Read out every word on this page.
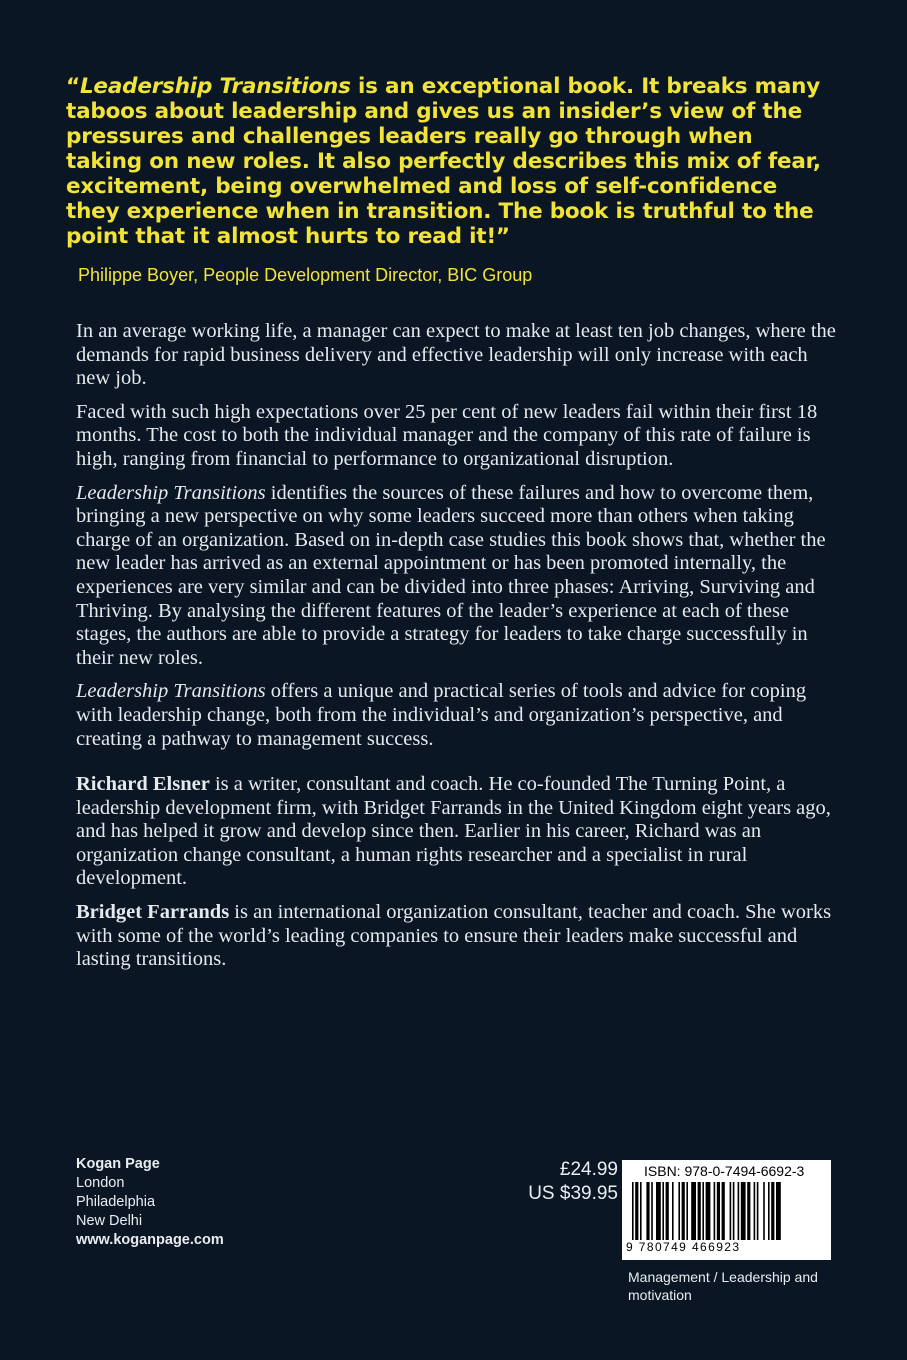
“Leadership Transitions is an exceptional book. It breaks many taboos about leadership and gives us an insider’s view of the pressures and challenges leaders really go through when taking on new roles. It also perfectly describes this mix of fear, excitement, being overwhelmed and loss of self-confidence they experience when in transition. The book is truthful to the point that it almost hurts to read it!”
Philippe Boyer, People Development Director, BIC Group

In an average working life, a manager can expect to make at least ten job changes, where the demands for rapid business delivery and effective leadership will only increase with each new job.

Faced with such high expectations over 25 per cent of new leaders fail within their first 18 months. The cost to both the individual manager and the company of this rate of failure is high, ranging from financial to performance to organizational disruption.

Leadership Transitions identifies the sources of these failures and how to overcome them, bringing a new perspective on why some leaders succeed more than others when taking charge of an organization. Based on in-depth case studies this book shows that, whether the new leader has arrived as an external appointment or has been promoted internally, the experiences are very similar and can be divided into three phases: Arriving, Surviving and Thriving. By analysing the different features of the leader’s experience at each of these stages, the authors are able to provide a strategy for leaders to take charge successfully in their new roles.

Leadership Transitions offers a unique and practical series of tools and advice for coping with leadership change, both from the individual’s and organization’s perspective, and creating a pathway to management success.

Richard Elsner is a writer, consultant and coach. He co-founded The Turning Point, a leadership development firm, with Bridget Farrands in the United Kingdom eight years ago, and has helped it grow and develop since then. Earlier in his career, Richard was an organization change consultant, a human rights researcher and a specialist in rural development.

Bridget Farrands is an international organization consultant, teacher and coach. She works with some of the world’s leading companies to ensure their leaders make successful and lasting transitions.

Kogan Page
London
Philadelphia
New Delhi
www.koganpage.com
£24.99
US $39.95
ISBN: 978-0-7494-6692-3
9 780749 466923
Management / Leadership and motivation
